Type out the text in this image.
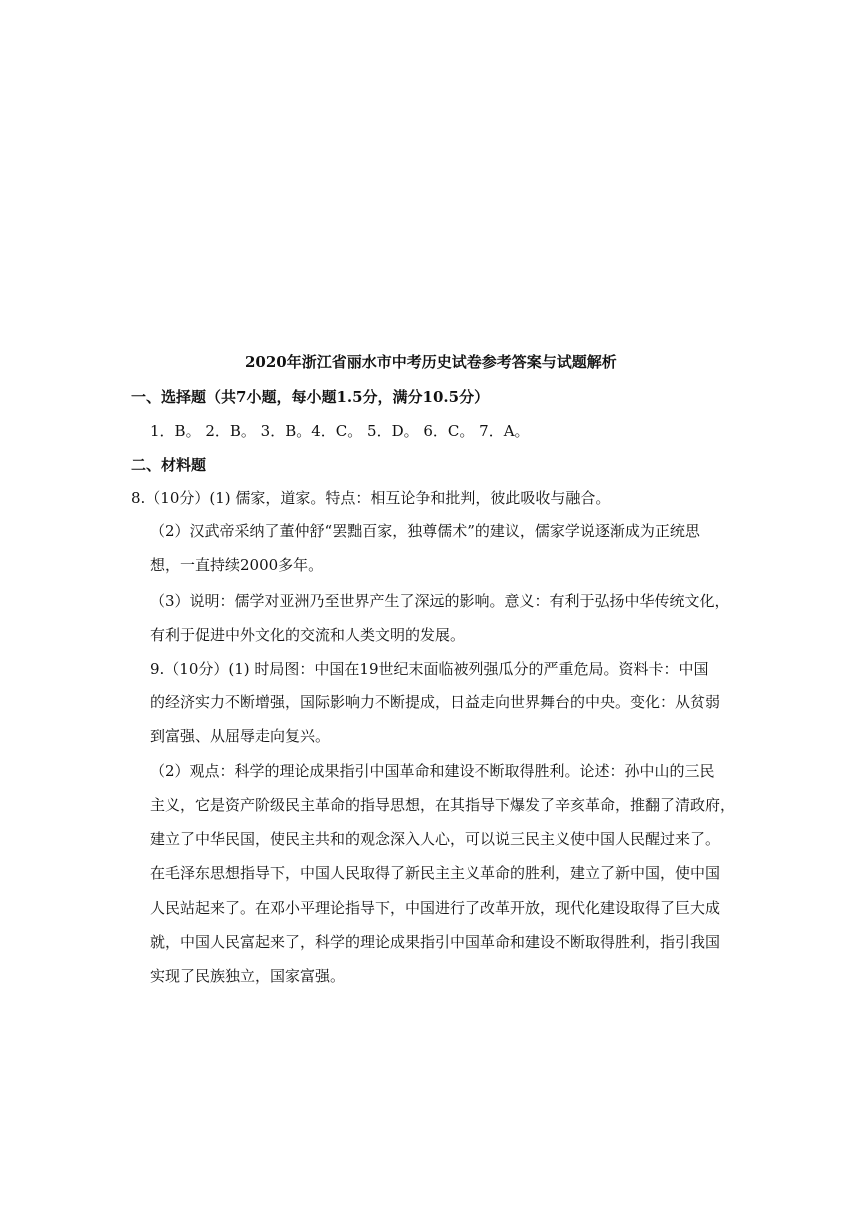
2020年浙江省丽水市中考历史试卷参考答案与试题解析
一、选择题（共7小题，每小题1.5分，满分10.5分）
1．B。 2．B。 3．B。4．C。 5．D。 6．C。 7．A。
二、材料题
8.（10分）(1) 儒家，道家。特点：相互论争和批判，彼此吸收与融合。
（2）汉武帝采纳了董仲舒“罢黜百家，独尊儒术”的建议，儒家学说逐渐成为正统思
想，一直持续2000多年。
（3）说明：儒学对亚洲乃至世界产生了深远的影响。意义：有利于弘扬中华传统文化，
有利于促进中外文化的交流和人类文明的发展。
9.（10分）(1) 时局图：中国在19世纪末面临被列强瓜分的严重危局。资料卡：中国
的经济实力不断增强，国际影响力不断提成，日益走向世界舞台的中央。变化：从贫弱
到富强、从屈辱走向复兴。
（2）观点：科学的理论成果指引中国革命和建设不断取得胜利。论述：孙中山的三民
主义，它是资产阶级民主革命的指导思想，在其指导下爆发了辛亥革命，推翻了清政府，
建立了中华民国，使民主共和的观念深入人心，可以说三民主义使中国人民醒过来了。
在毛泽东思想指导下，中国人民取得了新民主主义革命的胜利，建立了新中国，使中国
人民站起来了。在邓小平理论指导下，中国进行了改革开放，现代化建设取得了巨大成
就，中国人民富起来了，科学的理论成果指引中国革命和建设不断取得胜利，指引我国
实现了民族独立，国家富强。
